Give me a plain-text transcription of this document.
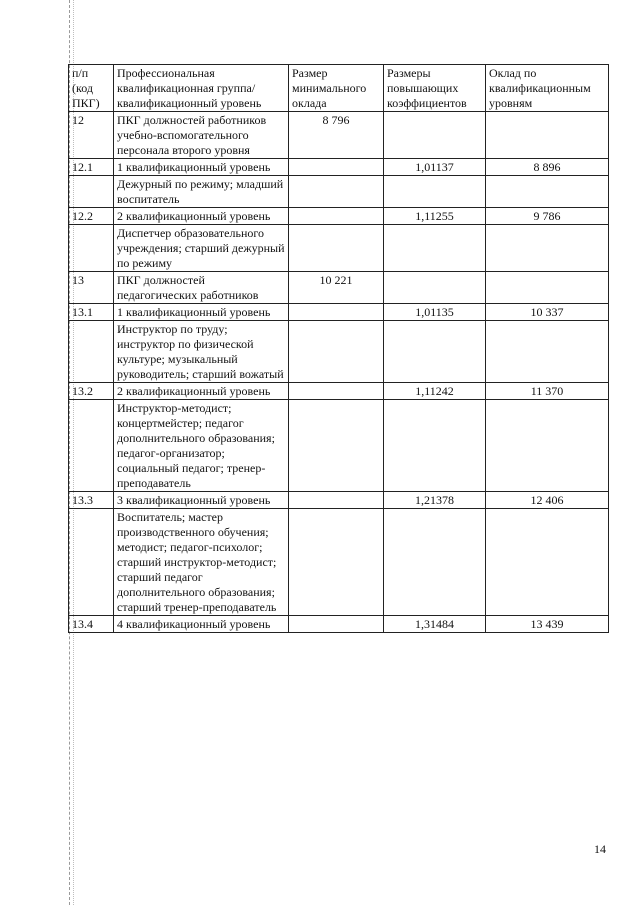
п/п (код ПКГ)	Профессиональная квалификационная группа/квалификационный уровень	Размер минимального оклада	Размеры повышающих коэффициентов	Оклад по квалификационным уровням
12	ПКГ должностей работников учебно-вспомогательного персонала второго уровня	8 796		
12.1	1 квалификационный уровень		1,01137	8 896
	Дежурный по режиму; младший воспитатель			
12.2	2 квалификационный уровень		1,11255	9 786
	Диспетчер образовательного учреждения; старший дежурный по режиму			
13	ПКГ должностей педагогических работников	10 221		
13.1	1 квалификационный уровень		1,01135	10 337
	Инструктор по труду; инструктор по физической культуре; музыкальный руководитель; старший вожатый			
13.2	2 квалификационный уровень		1,11242	11 370
	Инструктор-методист; концертмейстер; педагог дополнительного образования; педагог-организатор; социальный педагог; тренер-преподаватель			
13.3	3 квалификационный уровень		1,21378	12 406
	Воспитатель; мастер производственного обучения; методист; педагог-психолог; старший инструктор-методист; старший педагог дополнительного образования; старший тренер-преподаватель			
13.4	4 квалификационный уровень		1,31484	13 439
14
